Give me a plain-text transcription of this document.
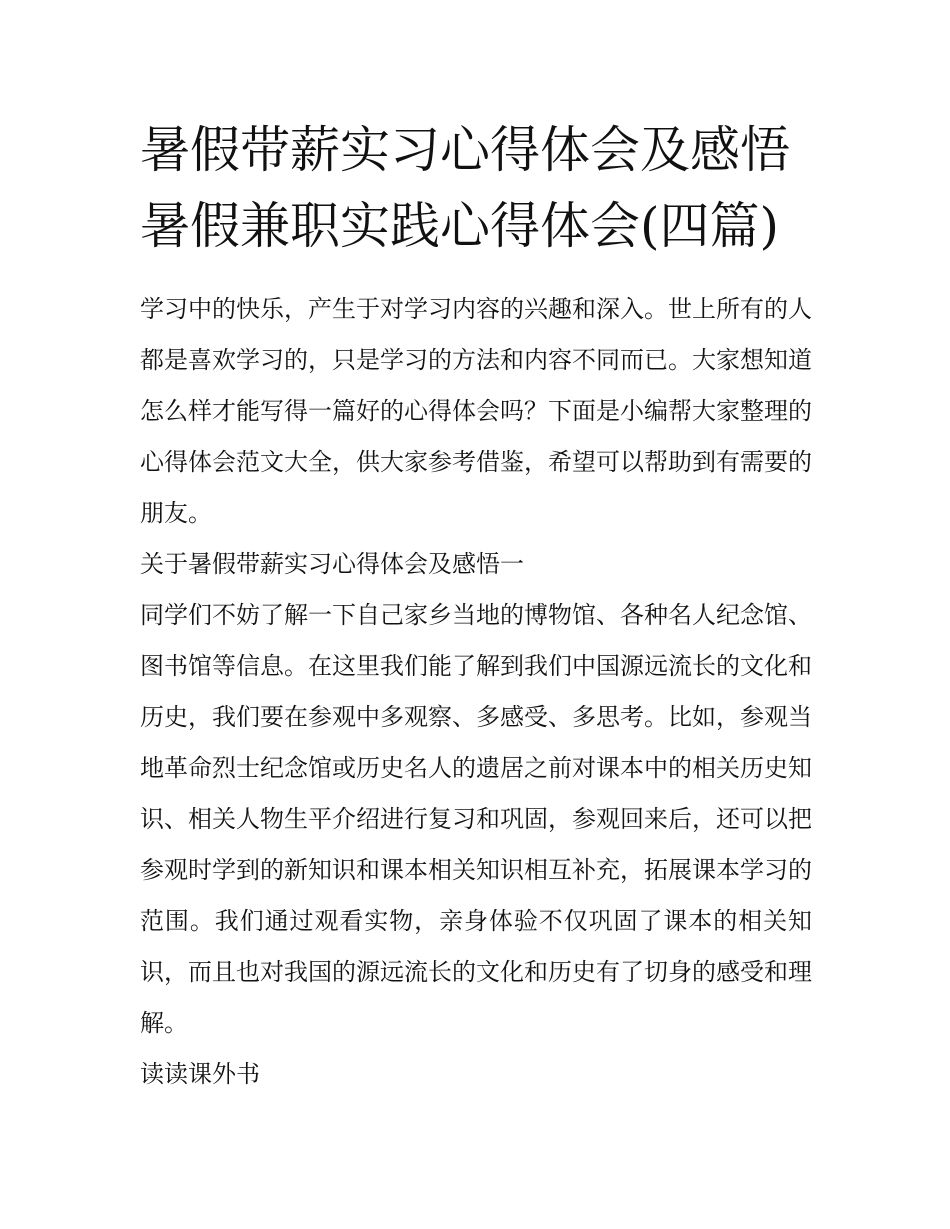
暑假带薪实习心得体会及感悟
暑假兼职实践心得体会(四篇)

学习中的快乐，产生于对学习内容的兴趣和深入。世上所有的人都是喜欢学习的，只是学习的方法和内容不同而已。大家想知道怎么样才能写得一篇好的心得体会吗？下面是小编帮大家整理的心得体会范文大全，供大家参考借鉴，希望可以帮助到有需要的朋友。

关于暑假带薪实习心得体会及感悟一

同学们不妨了解一下自己家乡当地的博物馆、各种名人纪念馆、图书馆等信息。在这里我们能了解到我们中国源远流长的文化和历史，我们要在参观中多观察、多感受、多思考。比如，参观当地革命烈士纪念馆或历史名人的遗居之前对课本中的相关历史知识、相关人物生平介绍进行复习和巩固，参观回来后，还可以把参观时学到的新知识和课本相关知识相互补充，拓展课本学习的范围。我们通过观看实物，亲身体验不仅巩固了课本的相关知识，而且也对我国的源远流长的文化和历史有了切身的感受和理解。

读读课外书
